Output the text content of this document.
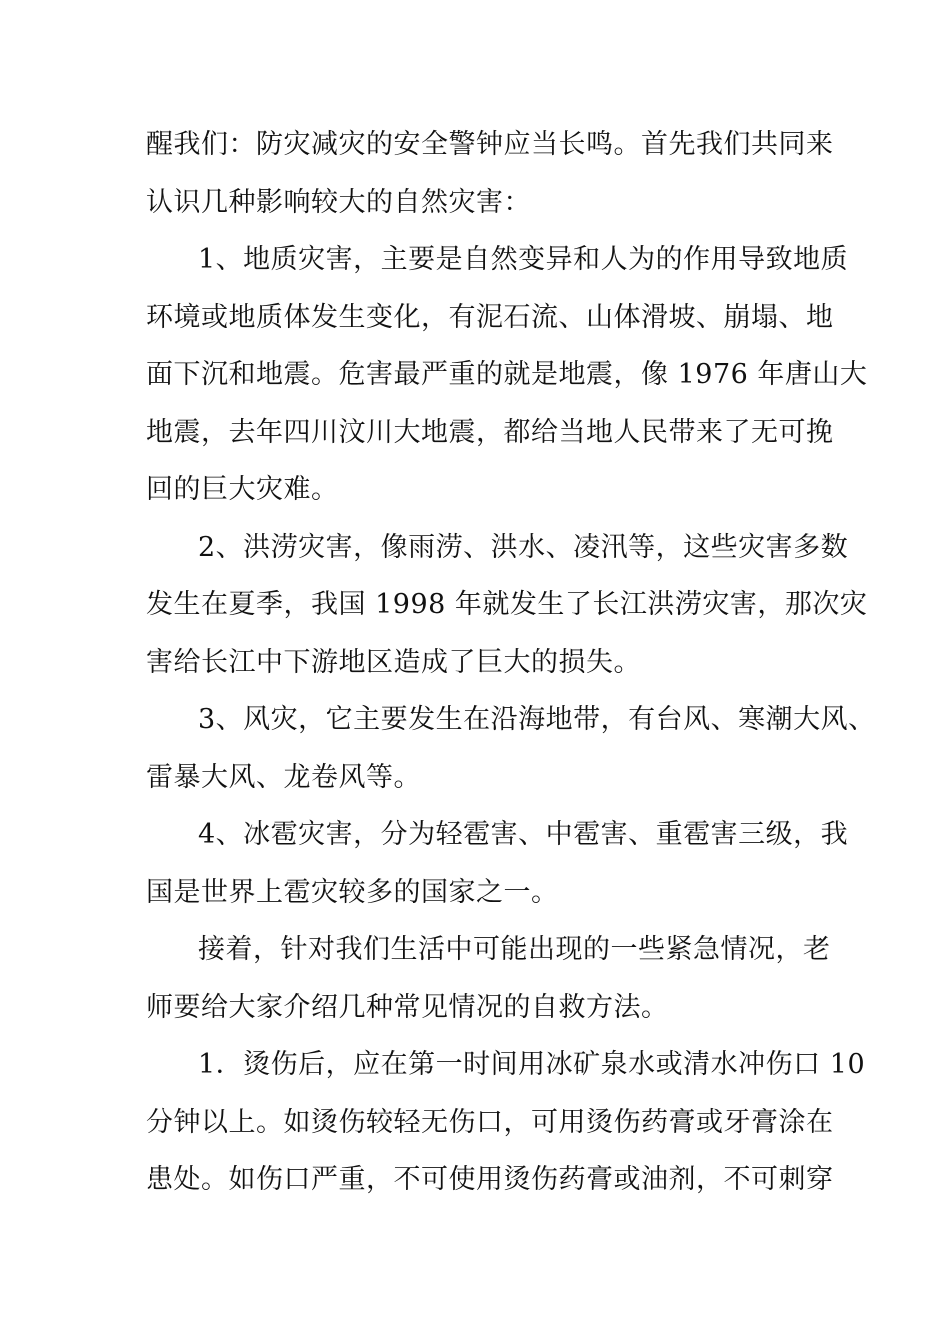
醒我们：防灾减灾的安全警钟应当长鸣。首先我们共同来
认识几种影响较大的自然灾害：
1、地质灾害，主要是自然变异和人为的作用导致地质
环境或地质体发生变化，有泥石流、山体滑坡、崩塌、地
面下沉和地震。危害最严重的就是地震，像 1976 年唐山大
地震，去年四川汶川大地震，都给当地人民带来了无可挽
回的巨大灾难。
2、洪涝灾害，像雨涝、洪水、凌汛等，这些灾害多数
发生在夏季，我国 1998 年就发生了长江洪涝灾害，那次灾
害给长江中下游地区造成了巨大的损失。
3、风灾，它主要发生在沿海地带，有台风、寒潮大风、
雷暴大风、龙卷风等。
4、冰雹灾害，分为轻雹害、中雹害、重雹害三级，我
国是世界上雹灾较多的国家之一。
接着，针对我们生活中可能出现的一些紧急情况，老
师要给大家介绍几种常见情况的自救方法。
1．烫伤后，应在第一时间用冰矿泉水或清水冲伤口 10
分钟以上。如烫伤较轻无伤口，可用烫伤药膏或牙膏涂在
患处。如伤口严重，不可使用烫伤药膏或油剂，不可刺穿
